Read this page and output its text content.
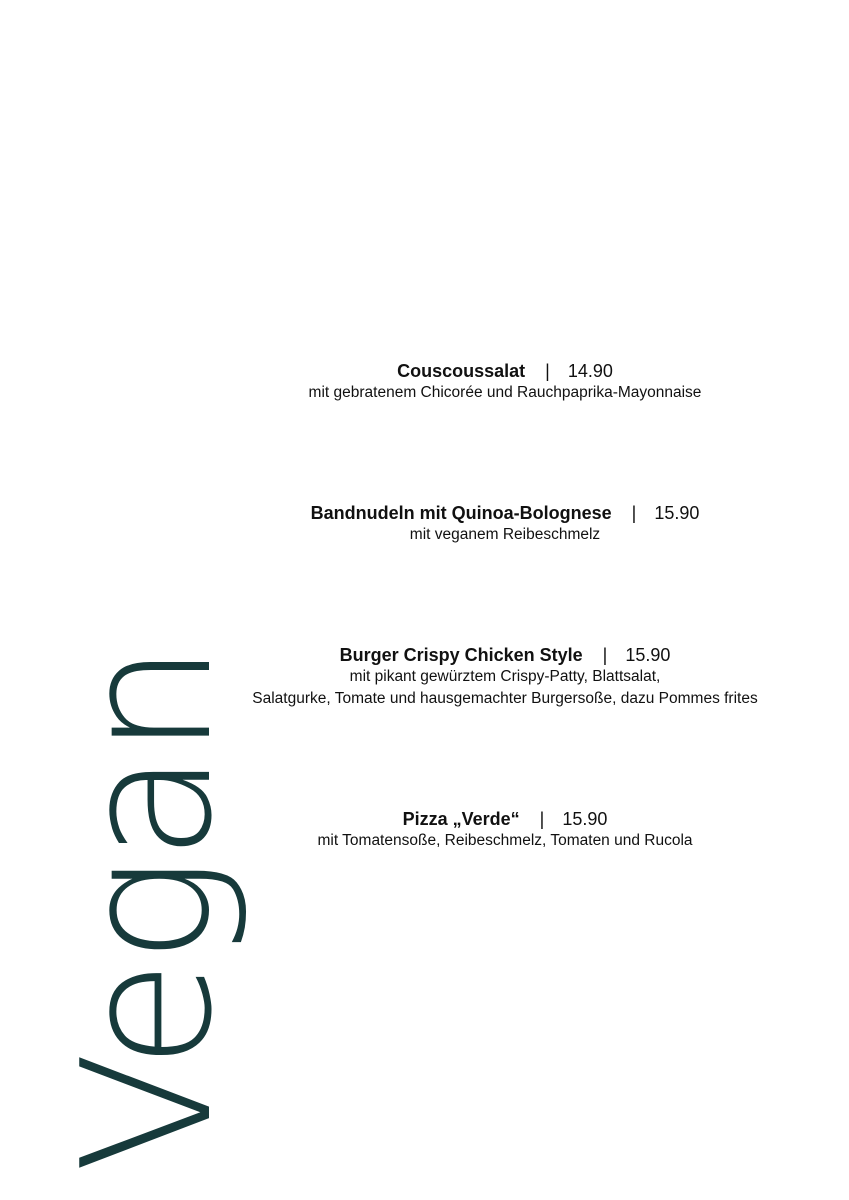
Couscoussalat | 14.90
mit gebratenem Chicorée und Rauchpaprika-Mayonnaise
Bandnudeln mit Quinoa-Bolognese | 15.90
mit veganem Reibeschmelz
Burger Crispy Chicken Style | 15.90
mit pikant gewürztem Crispy-Patty, Blattsalat,
Salatgurke, Tomate und hausgemachter Burgersoße, dazu Pommes frites
Pizza „Verde“ | 15.90
mit Tomatensoße, Reibeschmelz, Tomaten und Rucola
Vegan
